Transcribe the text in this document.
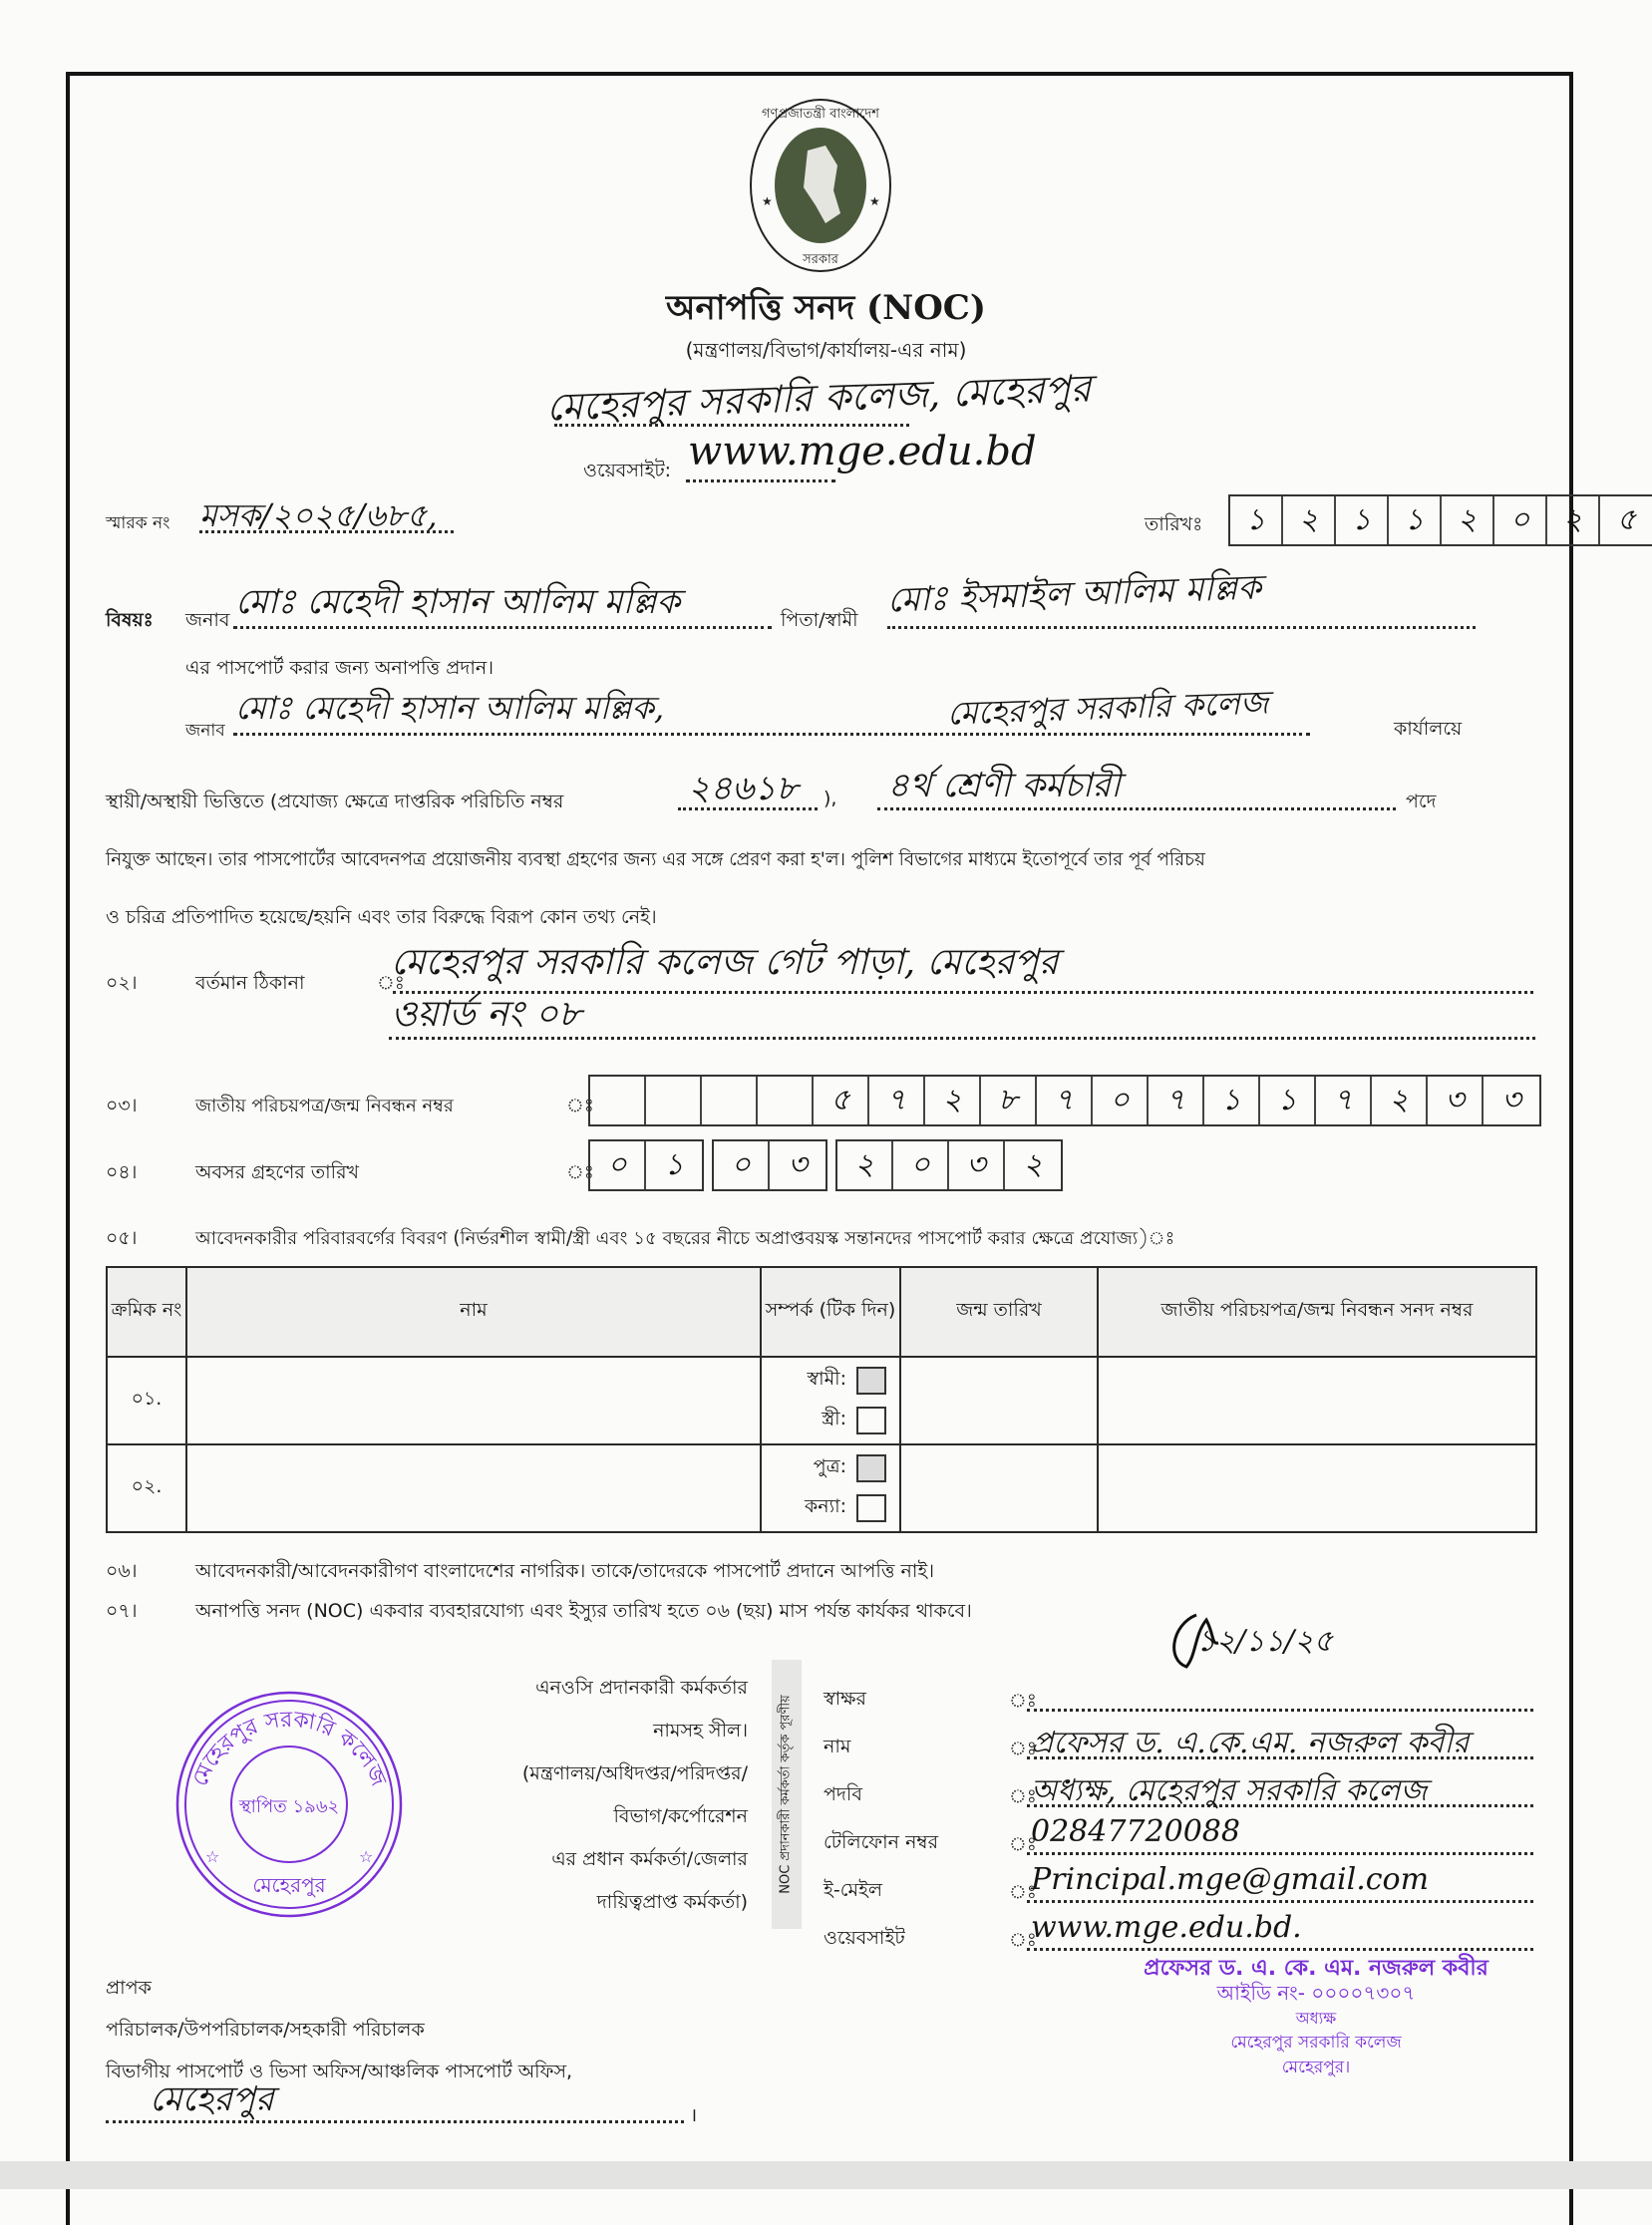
গণপ্রজাতন্ত্রী বাংলাদেশ
সরকার
★	★
অনাপত্তি সনদ (NOC)
(মন্ত্রণালয়/বিভাগ/কার্যালয়-এর নাম)
মেহেরপুর সরকারি কলেজ, মেহেরপুর
ওয়েবসাইট: www.mge.edu.bd
স্মারক নং মসক/২০২৫/৬৮৫,	তারিখঃ	১	২	১	১	২	০	২	৫
বিষয়ঃ জনাব মোঃ মেহেদী হাসান আলিম মল্লিক	পিতা/স্বামী মোঃ ইসমাইল আলিম মল্লিক
এর পাসপোর্ট করার জন্য অনাপত্তি প্রদান।
জনাব
মোঃ মেহেদী হাসান আলিম মল্লিক,	মেহেরপুর সরকারি কলেজ	কার্যালয়ে
স্থায়ী/অস্থায়ী ভিত্তিতে (প্রযোজ্য ক্ষেত্রে দাপ্তরিক পরিচিতি নম্বর	২৪৬১৮ ), ৪র্থ শ্রেণী কর্মচারী	পদে
নিযুক্ত আছেন। তার পাসপোর্টের আবেদনপত্র প্রয়োজনীয় ব্যবস্থা গ্রহণের জন্য এর সঙ্গে প্রেরণ করা হ'ল। পুলিশ বিভাগের মাধ্যমে ইতোপূর্বে তার পূর্ব পরিচয়
ও চরিত্র প্রতিপাদিত হয়েছে/হয়নি এবং তার বিরুদ্ধে বিরূপ কোন তথ্য নেই।
০২।	বর্তমান ঠিকানা	ঃ
মেহেরপুর সরকারি কলেজ গেট পাড়া, মেহেরপুর
ওয়ার্ড নং ০৮
০৩।	জাতীয় পরিচয়পত্র/জন্ম নিবন্ধন নম্বর	ঃ	৫	৭	২	৮	৭	০	৭	১	১	৭	২	৩	৩
০৪।	অবসর গ্রহণের তারিখ	ঃ ০	১	০	৩	২	০	৩	২
০৫।	আবেদনকারীর পরিবারবর্গের বিবরণ (নির্ভরশীল স্বামী/স্ত্রী এবং ১৫ বছরের নীচে অপ্রাপ্তবয়স্ক সন্তানদের পাসপোর্ট করার ক্ষেত্রে প্রযোজ্য)ঃ
ক্রমিক নং	নাম	সম্পর্ক (টিক দিন)	জন্ম তারিখ	জাতীয় পরিচয়পত্র/জন্ম নিবন্ধন সনদ নম্বর
০১.		স্বামী:
স্ত্রী:		

০২.		পুত্র:
কন্যা:		

০৬।	আবেদনকারী/আবেদনকারীগণ বাংলাদেশের নাগরিক। তাকে/তাদেরকে পাসপোর্ট প্রদানে আপত্তি নাই।
০৭।	অনাপত্তি সনদ (NOC) একবার ব্যবহারযোগ্য এবং ইস্যুর তারিখ হতে ০৬ (ছয়) মাস পর্যন্ত কার্যকর থাকবে।
১২/১১/২৫
মেহেরপুর সরকারি কলেজ
স্থাপিত ১৯৬২
মেহেরপুর
☆	☆
এনওসি প্রদানকারী কর্মকর্তার
নামসহ সীল।
(মন্ত্রণালয়/অধিদপ্তর/পরিদপ্তর/
বিভাগ/কর্পোরেশন
এর প্রধান কর্মকর্তা/জেলার
দায়িত্বপ্রাপ্ত কর্মকর্তা)
NOC প্রদানকারী কর্মকর্তা কর্তৃক পূরণীয় স্বাক্ষর	ঃ
নাম	ঃ
প্রফেসর ড. এ.কে.এম. নজরুল কবীর
পদবি	ঃ
অধ্যক্ষ, মেহেরপুর সরকারি কলেজ
টেলিফোন নম্বর	ঃ
02847720088
ই-মেইল	ঃ
Principal.mge@gmail.com
ওয়েবসাইট	ঃ
www.mge.edu.bd.
প্রফেসর ড. এ. কে. এম. নজরুল কবীর
আইডি নং- ০০০০৭৩০৭
অধ্যক্ষ
মেহেরপুর সরকারি কলেজ
মেহেরপুর।
প্রাপক
পরিচালক/উপপরিচালক/সহকারী পরিচালক
বিভাগীয় পাসপোর্ট ও ভিসা অফিস/আঞ্চলিক পাসপোর্ট অফিস,
মেহেরপুর	।
